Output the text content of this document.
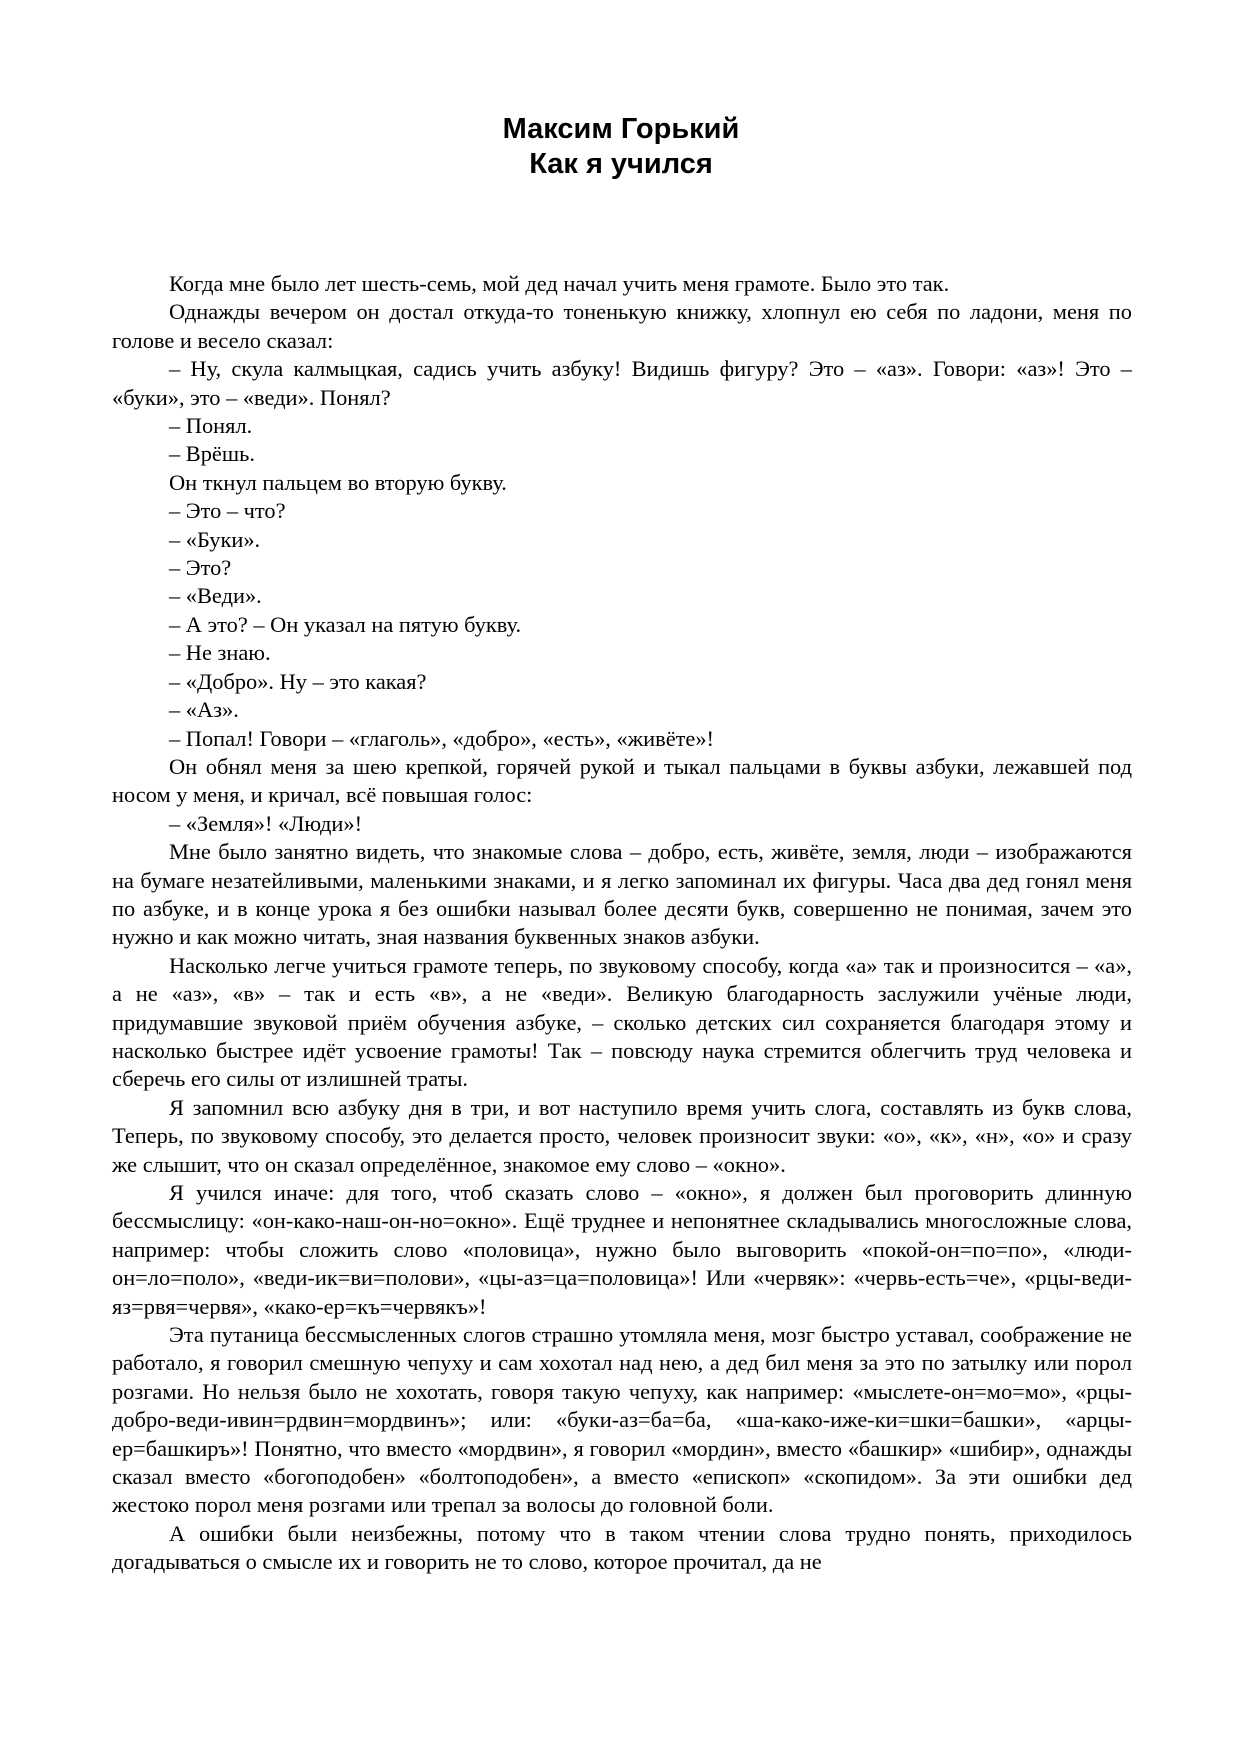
Максим Горький
Как я учился

Когда мне было лет шесть-семь, мой дед начал учить меня грамоте. Было это так.

Однажды вечером он достал откуда-то тоненькую книжку, хлопнул ею себя по ладони, меня по голове и весело сказал:

– Ну, скула калмыцкая, садись учить азбуку! Видишь фигуру? Это – «аз». Говори: «аз»! Это – «буки», это – «веди». Понял?

– Понял.

– Врёшь.

Он ткнул пальцем во вторую букву.

– Это – что?

– «Буки».

– Это?

– «Веди».

– А это? – Он указал на пятую букву.

– Не знаю.

– «Добро». Ну – это какая?

– «Аз».

– Попал! Говори – «глаголь», «добро», «есть», «живёте»!

Он обнял меня за шею крепкой, горячей рукой и тыкал пальцами в буквы азбуки, лежавшей под носом у меня, и кричал, всё повышая голос:

– «Земля»! «Люди»!

Мне было занятно видеть, что знакомые слова – добро, есть, живёте, земля, люди – изображаются на бумаге незатейливыми, маленькими знаками, и я легко запоминал их фигуры. Часа два дед гонял меня по азбуке, и в конце урока я без ошибки называл более десяти букв, совершенно не понимая, зачем это нужно и как можно читать, зная названия буквенных знаков азбуки.

Насколько легче учиться грамоте теперь, по звуковому способу, когда «а» так и произносится – «а», а не «аз», «в» – так и есть «в», а не «веди». Великую благодарность заслужили учёные люди, придумавшие звуковой приём обучения азбуке, – сколько детских сил сохраняется благодаря этому и насколько быстрее идёт усвоение грамоты! Так – повсюду наука стремится облегчить труд человека и сберечь его силы от излишней траты.

Я запомнил всю азбуку дня в три, и вот наступило время учить слога, составлять из букв слова, Теперь, по звуковому способу, это делается просто, человек произносит звуки: «о», «к», «н», «о» и сразу же слышит, что он сказал определённое, знакомое ему слово – «окно».

Я учился иначе: для того, чтоб сказать слово – «окно», я должен был проговорить длинную бессмыслицу: «он-како-наш-он-но=окно». Ещё труднее и непонятнее складывались многосложные слова, например: чтобы сложить слово «половица», нужно было выговорить «покой-он=по=по», «люди-он=ло=поло», «веди-ик=ви=полови», «цы-аз=ца=половица»! Или «червяк»: «червь-есть=че», «рцы-веди-яз=рвя=червя», «како-ер=къ=червякъ»!

Эта путаница бессмысленных слогов страшно утомляла меня, мозг быстро уставал, соображение не работало, я говорил смешную чепуху и сам хохотал над нею, а дед бил меня за это по затылку или порол розгами. Но нельзя было не хохотать, говоря такую чепуху, как например: «мыслете-он=мо=мо», «рцы-добро-веди-ивин=рдвин=мордвинъ»; или: «буки-аз=ба=ба, «ша-како-иже-ки=шки=башки», «арцы-ер=башкиръ»! Понятно, что вместо «мордвин», я говорил «мордин», вместо «башкир» «шибир», однажды сказал вместо «богоподобен» «болтоподобен», а вместо «епископ» «скопидом». За эти ошибки дед жестоко порол меня розгами или трепал за волосы до головной боли.

А ошибки были неизбежны, потому что в таком чтении слова трудно понять, приходилось догадываться о смысле их и говорить не то слово, которое прочитал, да не
